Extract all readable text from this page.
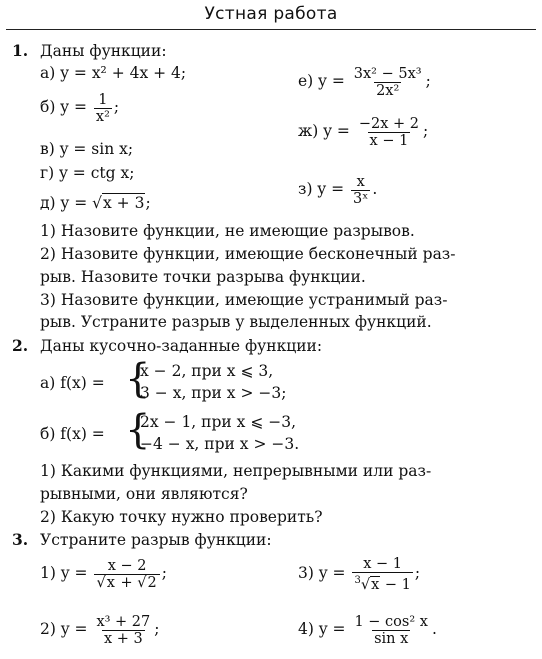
Устная работа
1. Даны функции:
а) y = x² + 4x + 4;
б) $y = \frac{1}{\text{x²}}$ ;
в) y = sin x;
г) y = ctg x;
д) y = √x + 3;
е) $y = \frac{\text{3x² − 5x³}}{\text{2x²}}$ ;
ж) $y = \frac{-2x + 2}{x - 1}$ ;
з) $y = \frac{x}{\text{3ˣ}}$ .
1) Назовите функции, не имеющие разрывов.
2) Назовите функции, имеющие бесконечный раз-
рыв. Назовите точки разрыва функции.
3) Назовите функции, имеющие устранимый раз-
рыв. Устраните разрыв у выделенных функций.
2. Даны кусочно-заданные функции:
а) f(x) = {
x − 2, при x ⩽ 3,
3 − x, при x > −3;
б) f(x) = {
2x − 1, при x ⩽ −3,
−4 − x, при x > −3.
1) Какими функциями, непрерывными или раз-
рывными, они являются?
2) Какую точку нужно проверить?
3. Устраните разрыв функции:
1) $y = \frac{x - 2}{√x + √2}$ ;
2) $y = \frac{\text{x³ + 27}}{x + 3}$ ;
3) $y = \frac{x - 1}{^3√x - 1}$ ;
4) $y = \frac{\text{1 − cos² x}}{\text{sin x}}$ .
